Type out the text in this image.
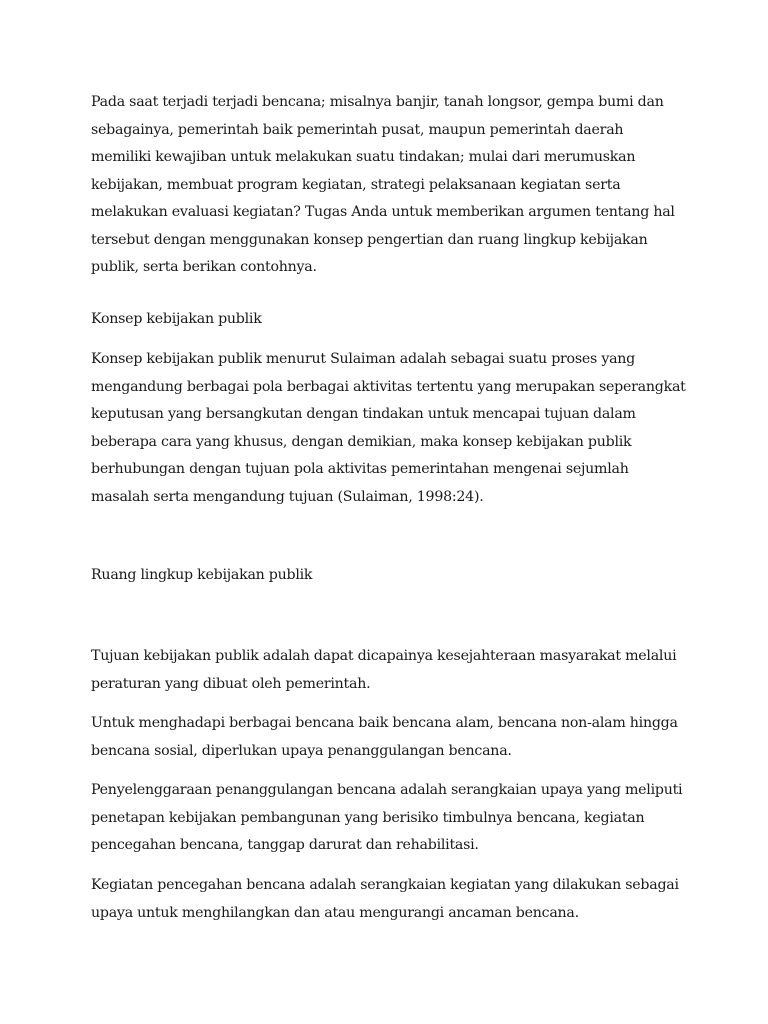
Pada saat terjadi terjadi bencana; misalnya banjir, tanah longsor, gempa bumi dan sebagainya, pemerintah baik pemerintah pusat, maupun pemerintah daerah memiliki kewajiban untuk melakukan suatu tindakan; mulai dari merumuskan kebijakan, membuat program kegiatan, strategi pelaksanaan kegiatan serta melakukan evaluasi kegiatan? Tugas Anda untuk memberikan argumen tentang hal tersebut dengan menggunakan konsep pengertian dan ruang lingkup kebijakan publik, serta berikan contohnya.

Konsep kebijakan publik

Konsep kebijakan publik menurut Sulaiman adalah sebagai suatu proses yang mengandung berbagai pola berbagai aktivitas tertentu yang merupakan seperangkat keputusan yang bersangkutan dengan tindakan untuk mencapai tujuan dalam beberapa cara yang khusus, dengan demikian, maka konsep kebijakan publik berhubungan dengan tujuan pola aktivitas pemerintahan mengenai sejumlah masalah serta mengandung tujuan (Sulaiman, 1998:24).

Ruang lingkup kebijakan publik

Tujuan kebijakan publik adalah dapat dicapainya kesejahteraan masyarakat melalui peraturan yang dibuat oleh pemerintah.

Untuk menghadapi berbagai bencana baik bencana alam, bencana non-alam hingga bencana sosial, diperlukan upaya penanggulangan bencana.

Penyelenggaraan penanggulangan bencana adalah serangkaian upaya yang meliputi penetapan kebijakan pembangunan yang berisiko timbulnya bencana, kegiatan pencegahan bencana, tanggap darurat dan rehabilitasi.

Kegiatan pencegahan bencana adalah serangkaian kegiatan yang dilakukan sebagai upaya untuk menghilangkan dan atau mengurangi ancaman bencana.
